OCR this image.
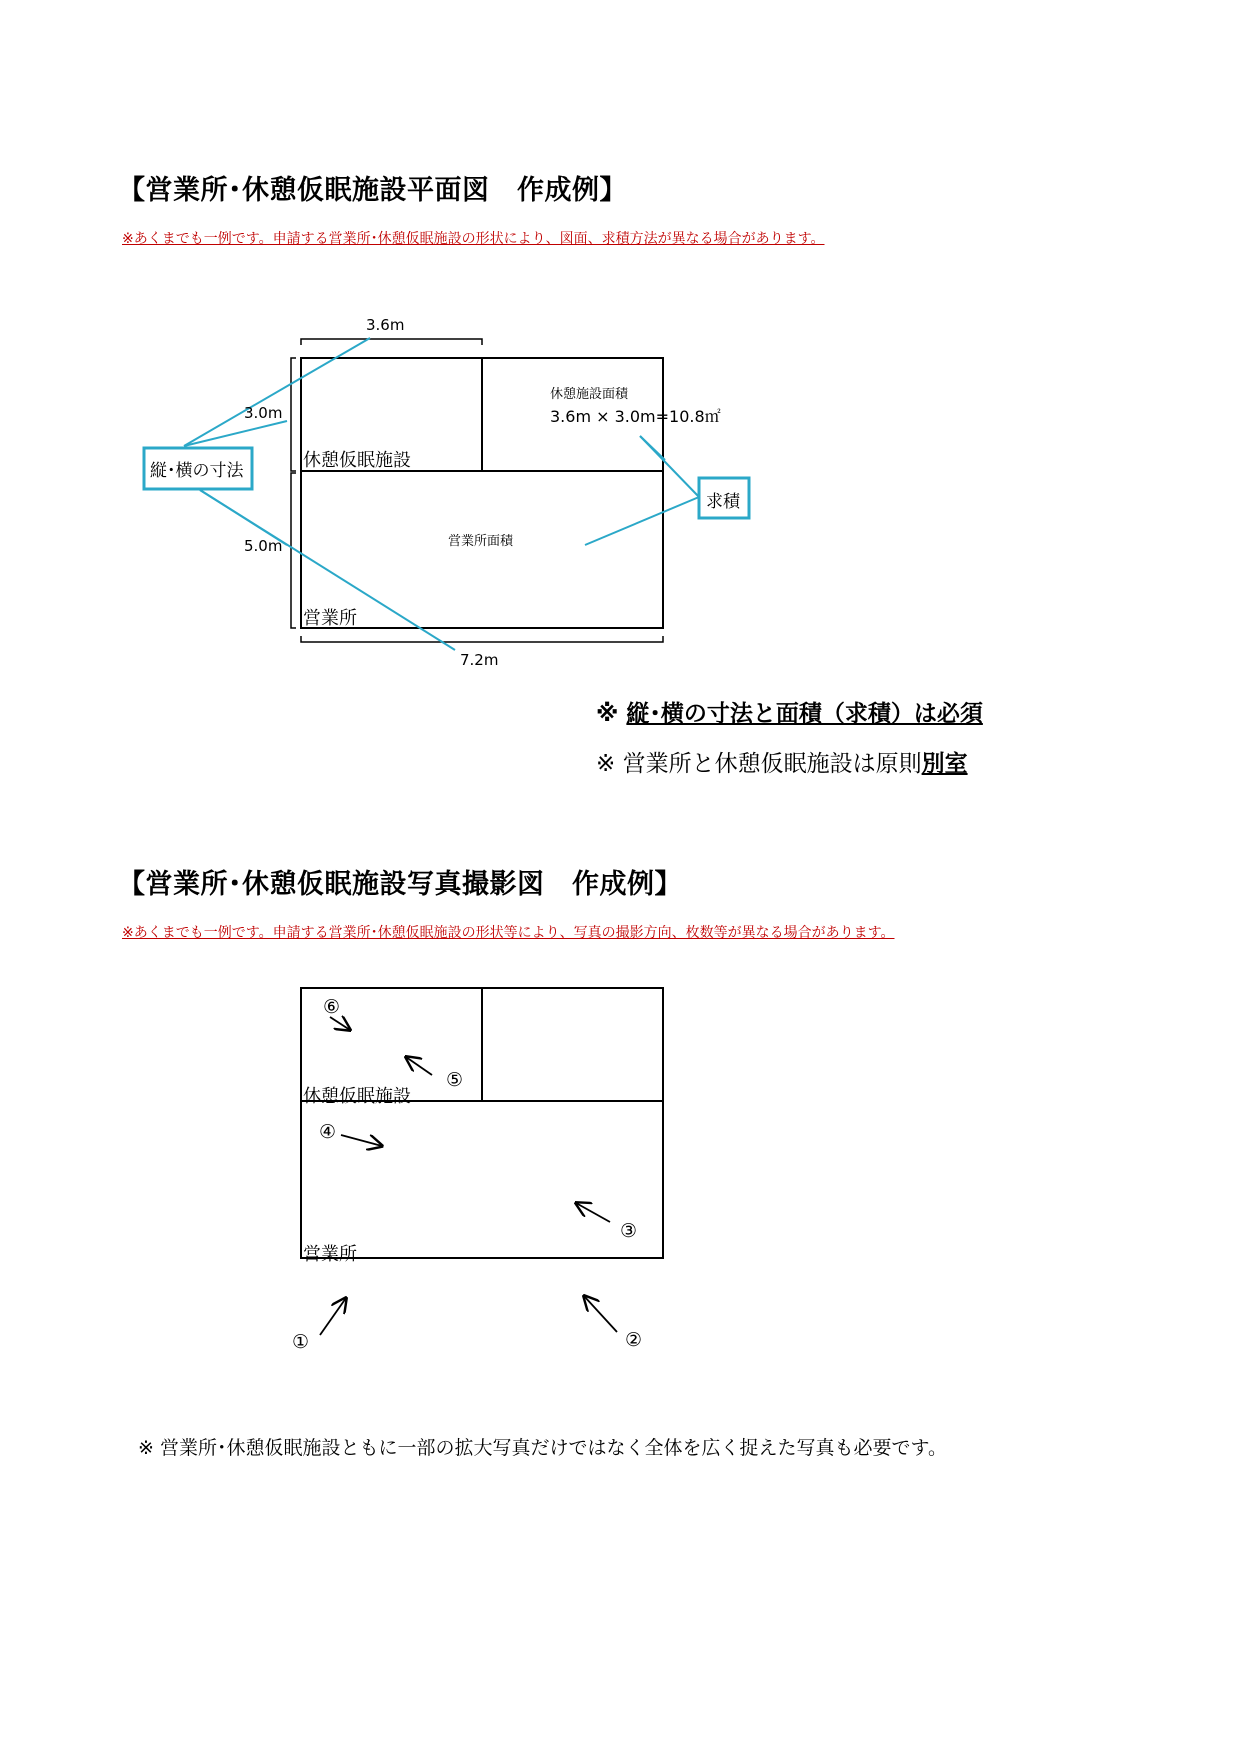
【営業所･休憩仮眠施設平面図　作成例】
※あくまでも一例です。申請する営業所･休憩仮眠施設の形状により、図面、求積方法が異なる場合があります。
3.6m
3.0m
5.0m
7.2m
休憩仮眠施設
営業所
休憩施設面積
3.6m × 3.0m=10.8㎡
営業所面積
縦･横の寸法
求積
※ 縦･横の寸法と面積（求積）は必須
※ 営業所と休憩仮眠施設は原則別室
【営業所･休憩仮眠施設写真撮影図　作成例】
※あくまでも一例です。申請する営業所･休憩仮眠施設の形状等により、写真の撮影方向、枚数等が異なる場合があります。
休憩仮眠施設
営業所
①	②
③
④
⑤
⑥
※ 営業所･休憩仮眠施設ともに一部の拡大写真だけではなく全体を広く捉えた写真も必要です。
